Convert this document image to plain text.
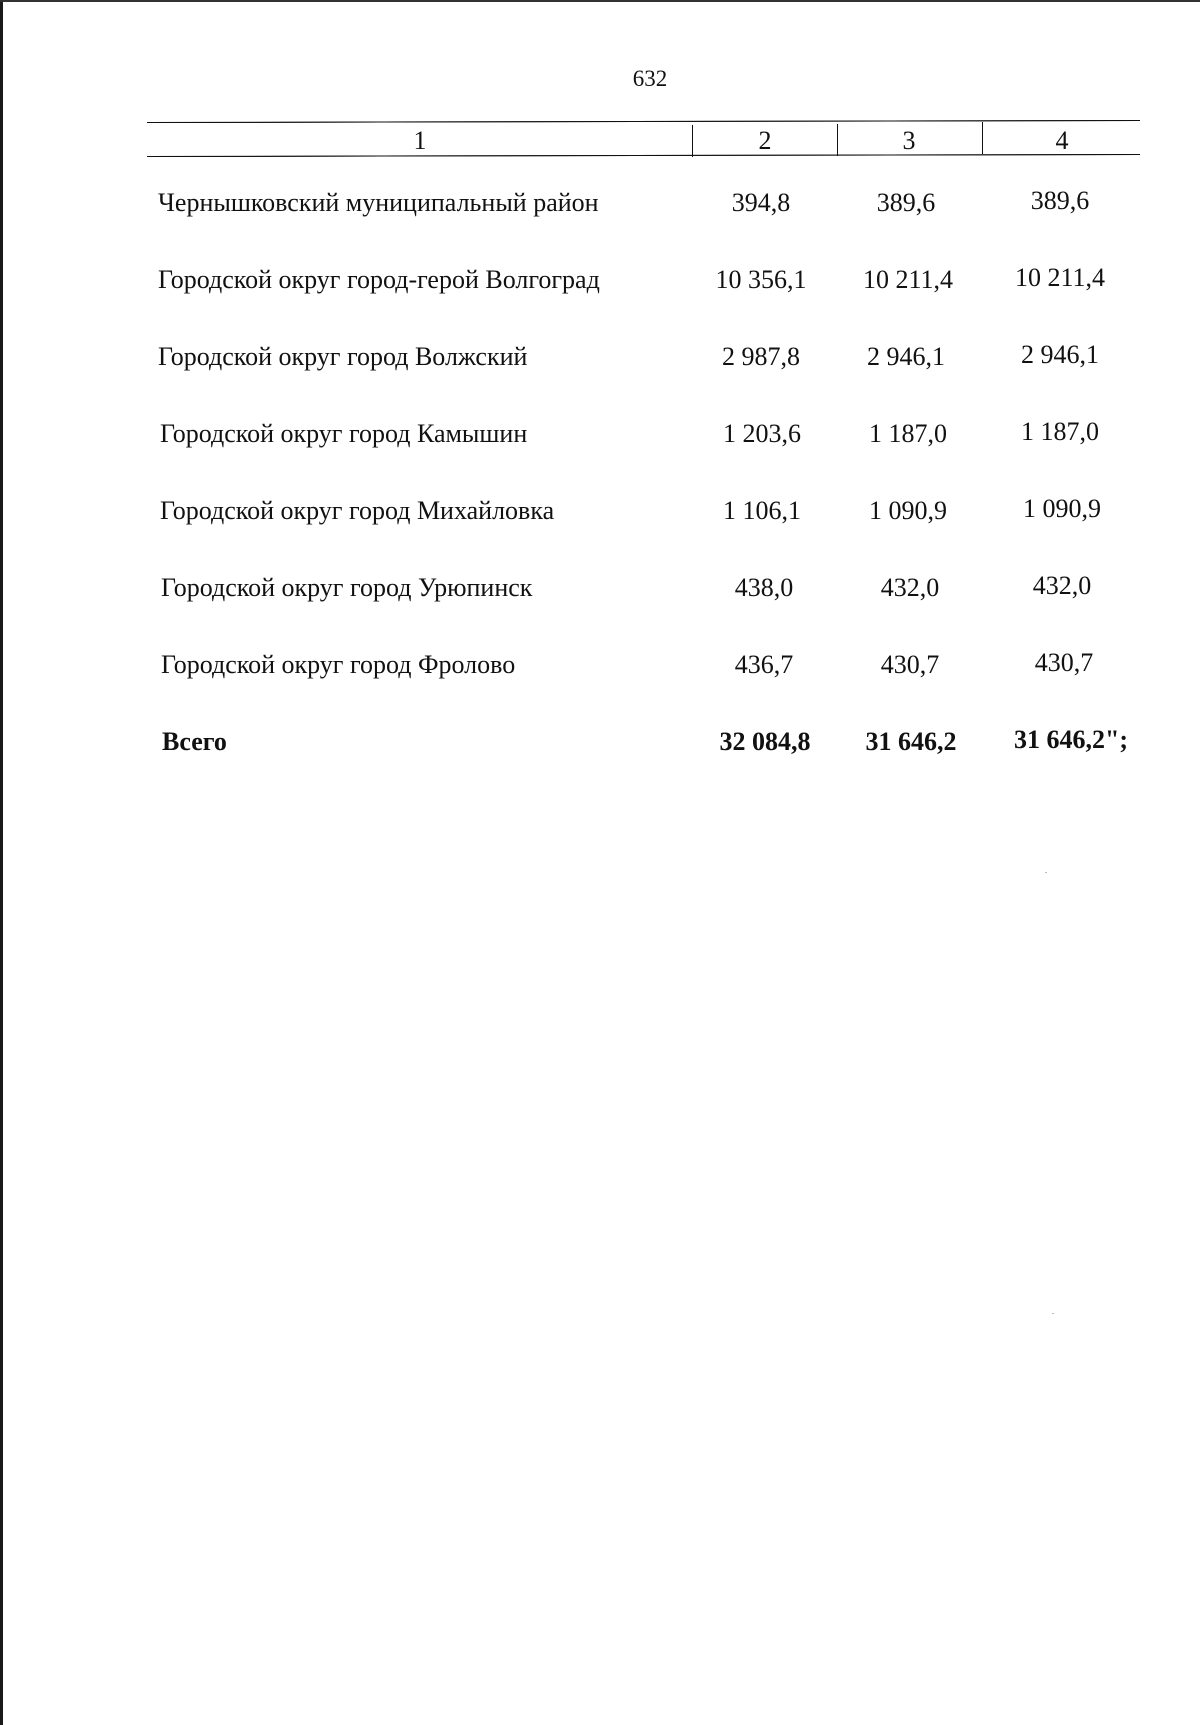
632
1	2	3	4
Чернышковский муниципальный район	394,8	389,6	389,6
Городской округ город-герой Волгоград	10 356,1	10 211,4	10 211,4
Городской округ город Волжский	2 987,8	2 946,1	2 946,1
Городской округ город Камышин	1 203,6	1 187,0	1 187,0
Городской округ город Михайловка	1 106,1	1 090,9	1 090,9
Городской округ город Урюпинск	438,0	432,0	432,0
Городской округ город Фролово	436,7	430,7	430,7
Всего	32 084,8	31 646,2	31 646,2";
